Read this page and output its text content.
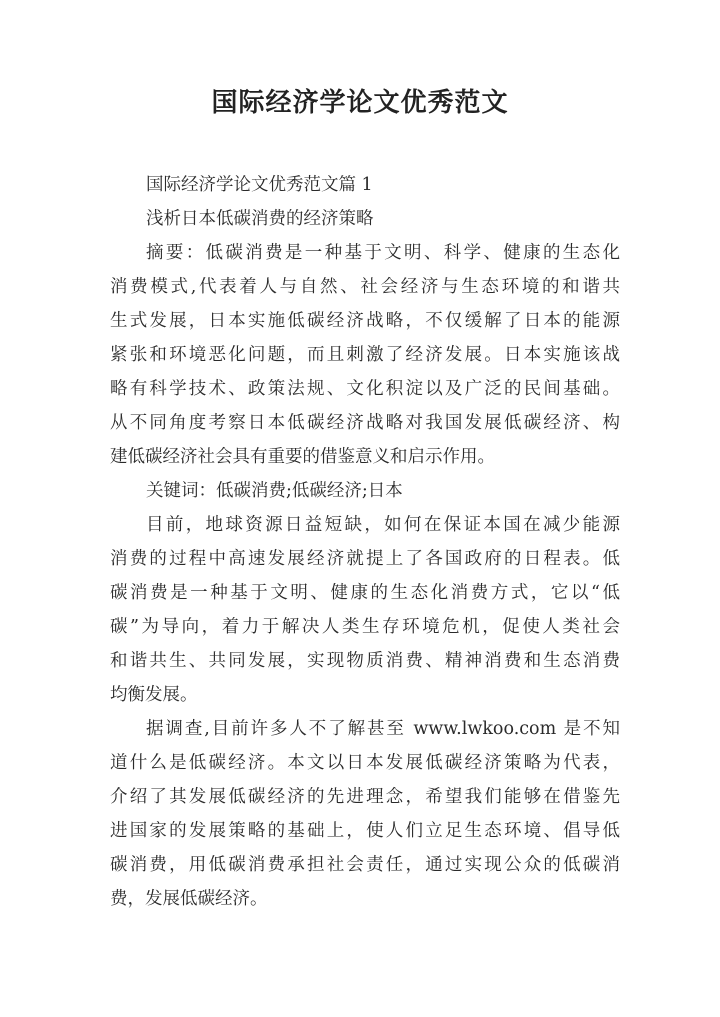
国际经济学论文优秀范文
国际经济学论文优秀范文篇 1
浅析日本低碳消费的经济策略
摘要：低碳消费是一种基于文明、科学、健康的生态化
消费模式,代表着人与自然、社会经济与生态环境的和谐共
生式发展，日本实施低碳经济战略，不仅缓解了日本的能源
紧张和环境恶化问题，而且刺激了经济发展。日本实施该战
略有科学技术、政策法规、文化积淀以及广泛的民间基础。
从不同角度考察日本低碳经济战略对我国发展低碳经济、构
建低碳经济社会具有重要的借鉴意义和启示作用。
关键词：低碳消费;低碳经济;日本
目前，地球资源日益短缺，如何在保证本国在减少能源
消费的过程中高速发展经济就提上了各国政府的日程表。低
碳消费是一种基于文明、健康的生态化消费方式，它以“低
碳”为导向，着力于解决人类生存环境危机，促使人类社会
和谐共生、共同发展，实现物质消费、精神消费和生态消费
均衡发展。
据调查,目前许多人不了解甚至 www.lwkoo.com 是不知
道什么是低碳经济。本文以日本发展低碳经济策略为代表，
介绍了其发展低碳经济的先进理念，希望我们能够在借鉴先
进国家的发展策略的基础上，使人们立足生态环境、倡导低
碳消费，用低碳消费承担社会责任，通过实现公众的低碳消
费，发展低碳经济。
